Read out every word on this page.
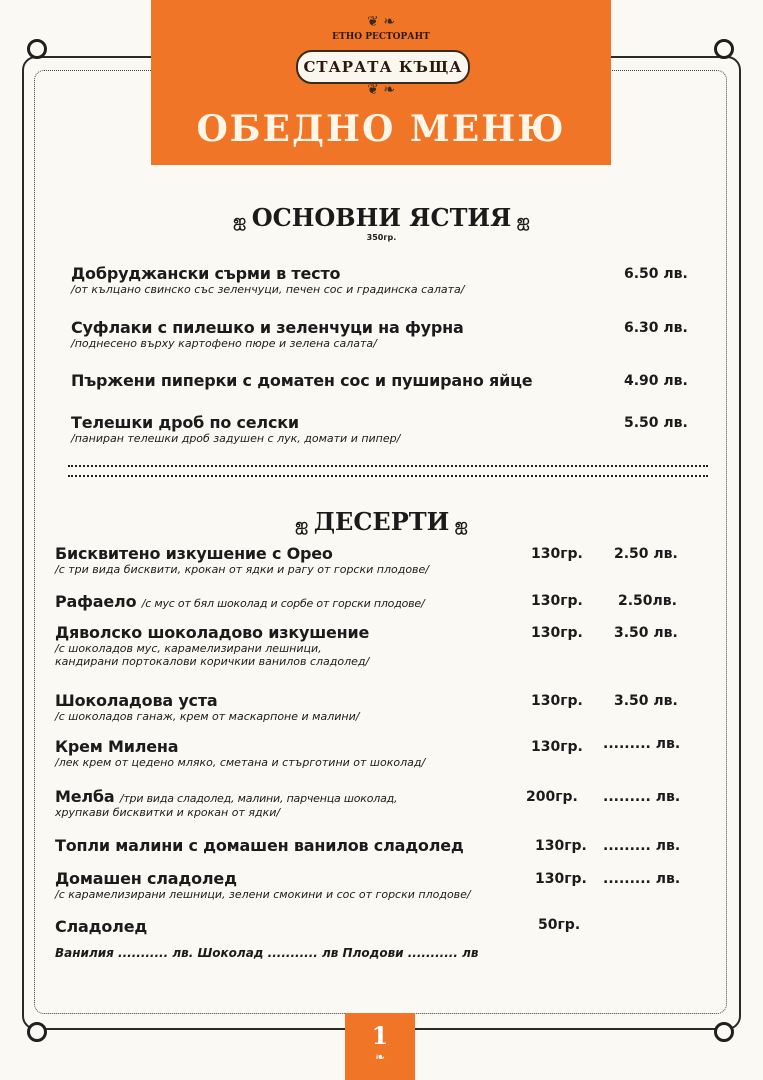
❦ ❧
ЕТНО РЕСТОРАНТ
СТАРАТА КЪЩА
❦ ❧
ОБЕДНО МЕНЮ
ஐ ОСНОВНИ ЯСТИЯ ஐ
350гр.
Добруджански сърми в тесто
/от кълцано свинско със зеленчуци, печен сос и градинска салата/
6.50 лв.
Суфлаки с пилешко и зеленчуци на фурна
/поднесено върху картофено пюре и зелена салата/
6.30 лв.
Пържени пиперки с доматен сос и пуширано яйце	4.90 лв.
Телешки дроб по селски
/паниран телешки дроб задушен с лук, домати и пипер/
5.50 лв.
ஐ ДЕСЕРТИ ஐ
Бисквитено изкушение с Орео
/с три вида бисквити, крокан от ядки и рагу от горски плодове/
130гр. 2.50 лв.
Рафаело /с мус от бял шоколад и сорбе от горски плодове/	130гр.	2.50лв.
Дяволско шоколадово изкушение
/с шоколадов мус, карамелизирани лешници,
кандирани портокалови коричкии ванилов сладолед/
130гр. 3.50 лв.
Шоколадова уста
/с шоколадов ганаж, крем от маскарпоне и малини/
130гр. 3.50 лв.
Крем Милена
/лек крем от цедено мляко, сметана и стърготини от шоколад/
130гр. ......... лв.
Мелба /три вида сладолед, малини, парченца шоколад,
хрупкави бисквитки и крокан от ядки/
200гр. ......... лв.
Топли малини с домашен ванилов сладолед	130гр. ......... лв.
Домашен сладолед
/с карамелизирани лешници, зелени смокини и сос от горски плодове/
130гр. ......... лв.
Сладолед	50гр.
Ванилия ........... лв. Шоколад ........... лв Плодови ........... лв
1
❧
